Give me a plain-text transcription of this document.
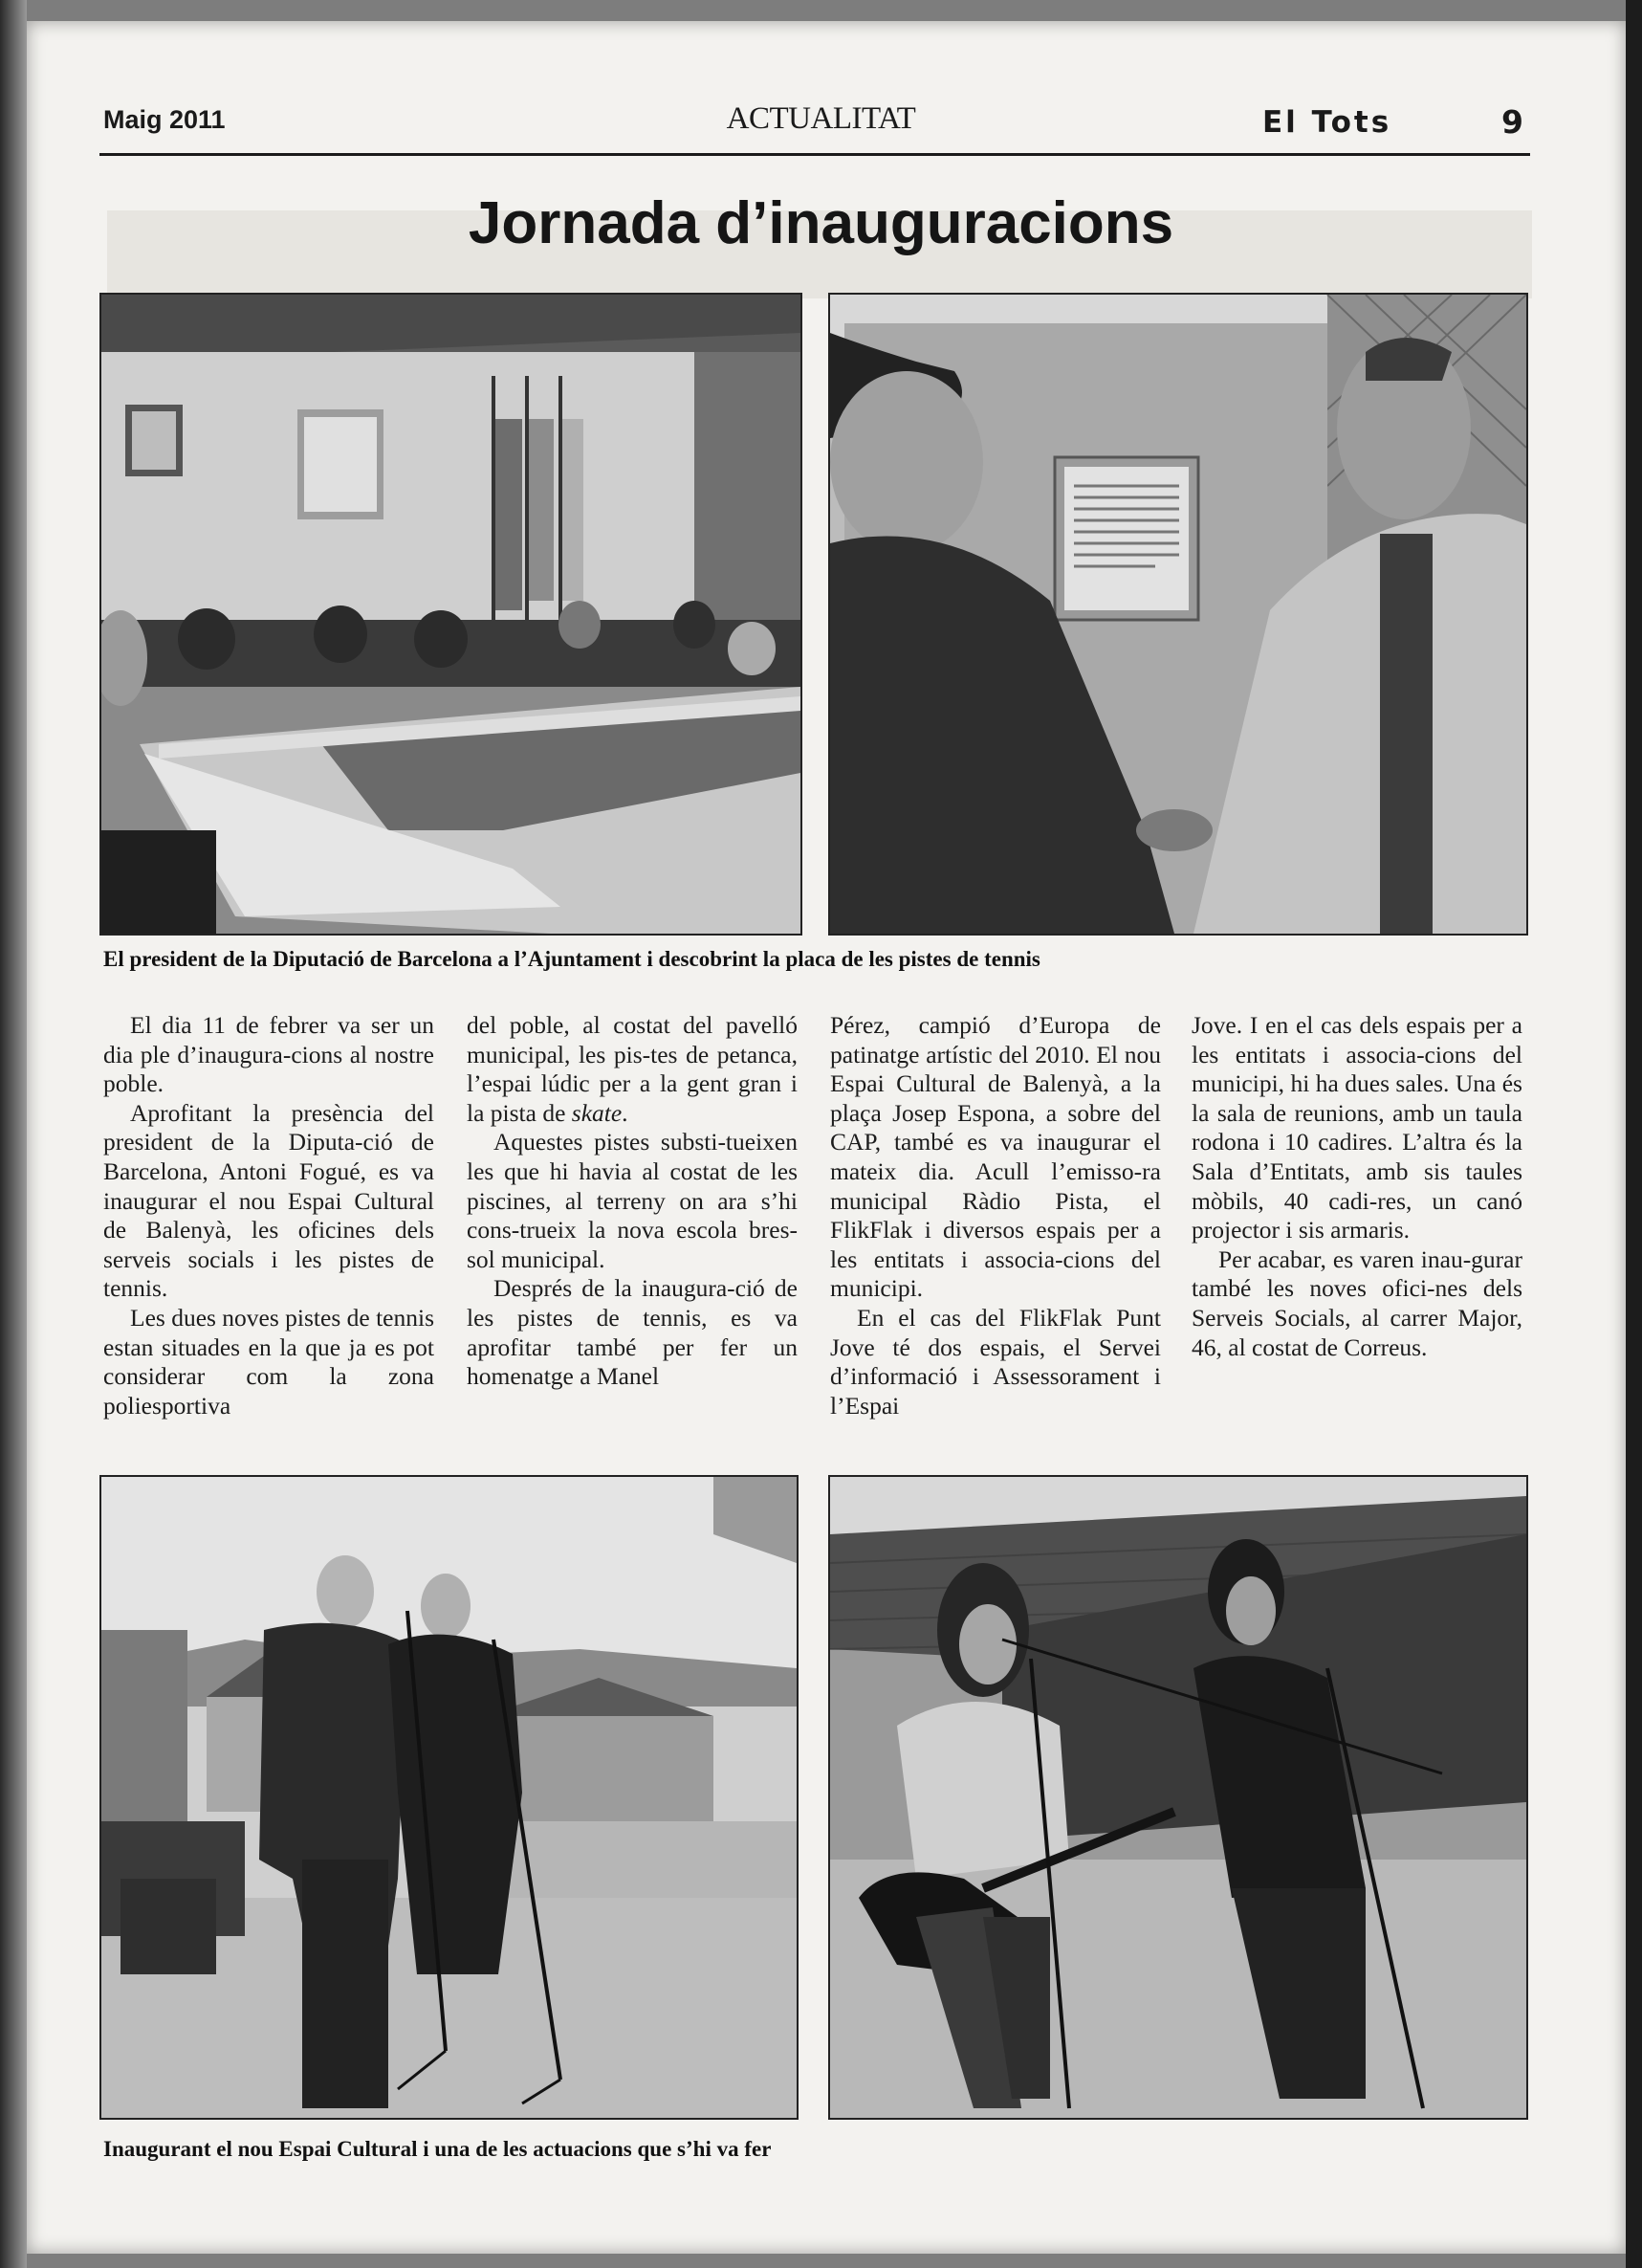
Maig 2011	ACTUALITAT	El Tots	9
Jornada d’inauguracions
El president de la Diputació de Barcelona a l’Ajuntament i descobrint la placa de les pistes de tennis

El dia 11 de febrer va ser un dia ple d’inaugura-cions al nostre poble.

Aprofitant la presència del president de la Diputa-ció de Barcelona, Antoni Fogué, es va inaugurar el nou Espai Cultural de Balenyà, les oficines dels serveis socials i les pistes de tennis.

Les dues noves pistes de tennis estan situades en la que ja es pot considerar com la zona poliesportiva

del poble, al costat del pavelló municipal, les pis-tes de petanca, l’espai lúdic per a la gent gran i la pista de skate.

Aquestes pistes substi-tueixen les que hi havia al costat de les piscines, al terreny on ara s’hi cons-trueix la nova escola bres-sol municipal.

Després de la inaugura-ció de les pistes de tennis, es va aprofitar també per fer un homenatge a Manel

Pérez, campió d’Europa de patinatge artístic del 2010. El nou Espai Cultural de Balenyà, a la plaça Josep Espona, a sobre del CAP, també es va inaugurar el mateix dia. Acull l’emisso-ra municipal Ràdio Pista, el FlikFlak i diversos espais per a les entitats i associa-cions del municipi.

En el cas del FlikFlak Punt Jove té dos espais, el Servei d’informació i Assessorament i l’Espai

Jove. I en el cas dels espais per a les entitats i associa-cions del municipi, hi ha dues sales. Una és la sala de reunions, amb un taula rodona i 10 cadires. L’altra és la Sala d’Entitats, amb sis taules mòbils, 40 cadi-res, un canó projector i sis armaris.

Per acabar, es varen inau-gurar també les noves ofici-nes dels Serveis Socials, al carrer Major, 46, al costat de Correus.

Inaugurant el nou Espai Cultural i una de les actuacions que s’hi va fer
